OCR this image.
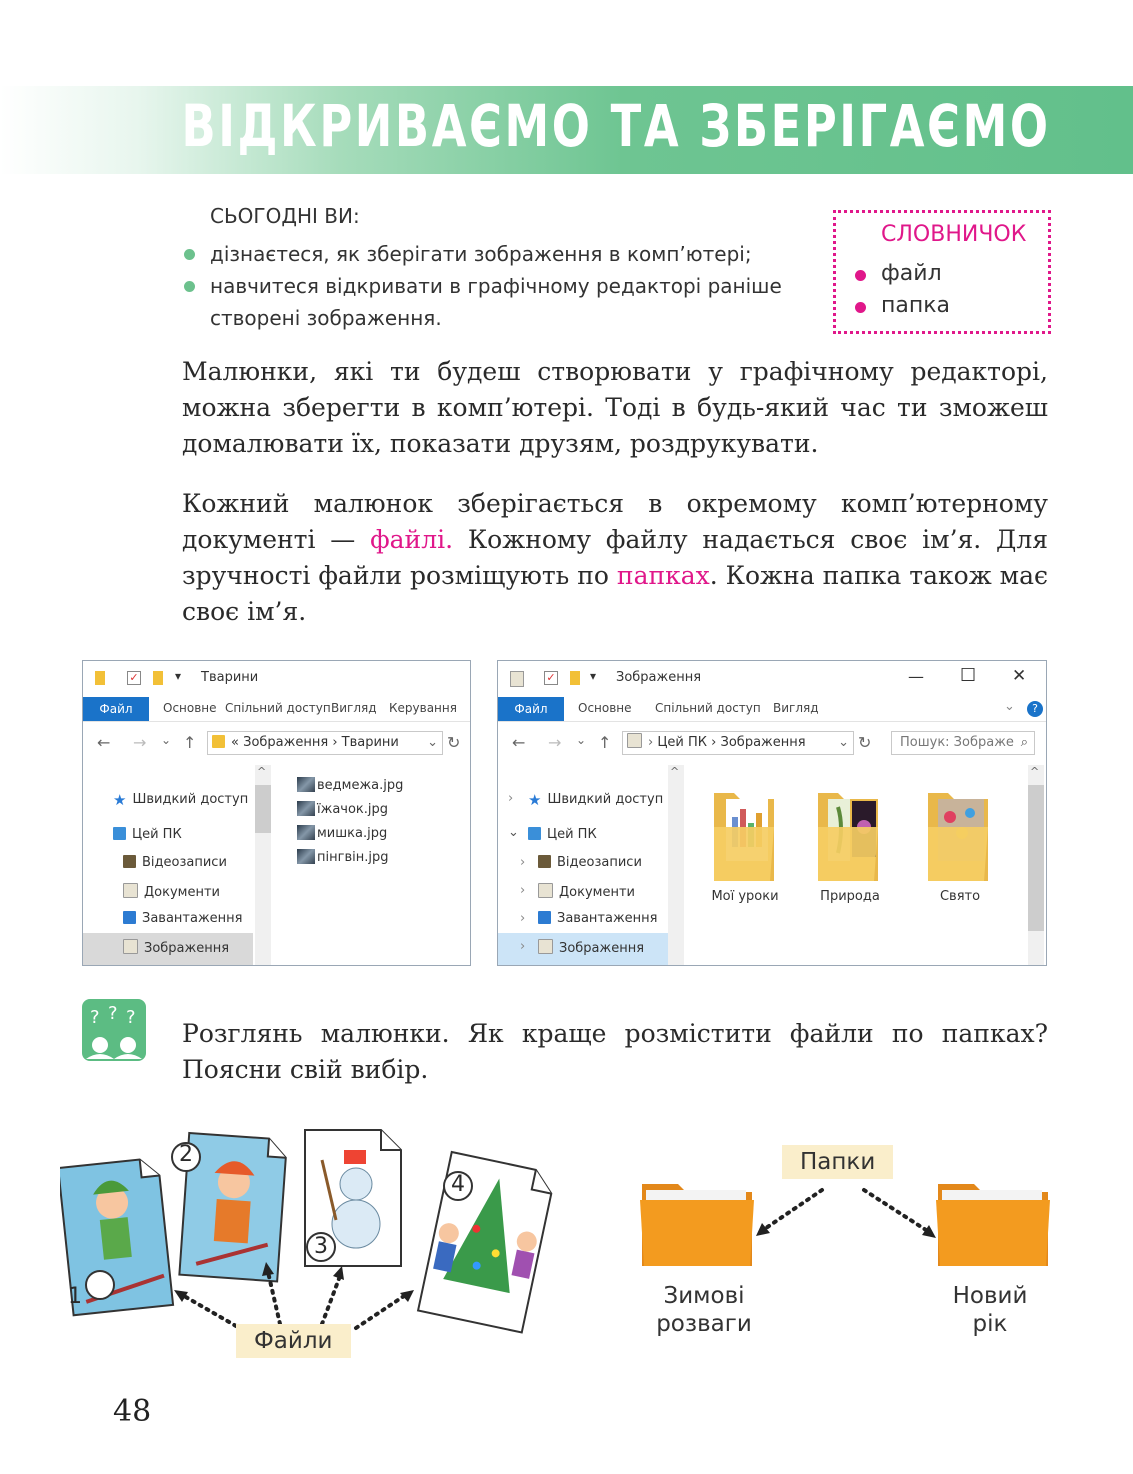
ВІДКРИВАЄМО ТА ЗБЕРІГАЄМО
СЬОГОДНІ ВИ:
дізнаєтеся, як зберігати зображення в комп’ютері;
навчитеся відкривати в графічному редакторі раніше створені зображення.
СЛОВНИЧОК
файл
папка
Малюнки, які ти будеш створювати у графічному редакторі, можна зберегти в комп’ютері. Тоді в будь-який час ти зможеш домалювати їх, показати друзям, роздрукувати.
Кожний малюнок зберігається в окремому комп’ютерному документі — файлі. Кожному файлу надається своє ім’я. Для зручності файли розміщують по папках. Кожна папка також має своє ім’я.
✓	▾ Тварини
Файл	Основне Спільний доступ Вигляд Керування
← → ⌄ ↑	« Зображення › Тварини ⌄ ↻
★ Швидкий доступ
Цей ПК
Відеозаписи
Документи
Завантаження
Зображення
^
ведмежа.jpg
їжачок.jpg
мишка.jpg
пінгвін.jpg
✓	▾ Зображення	— ☐ ✕
Файл	Основне Спільний доступ Вигляд	⌄	?
← → ⌄ ↑	› Цей ПК › Зображення	⌄ ↻	Пошук: Зображе ⌕
› ★ Швидкий доступ
⌄	Цей ПК
›	Відеозаписи
›	Документи
›	Завантаження
›	Зображення
^	^
Мої уроки	Природа	Свято
? ? ?
Розглянь малюнки. Як краще розмістити файли по папках? Поясни свій вибір.
1
2
3
4
Файли
Папки
Зимові
розваги
Новий
рік
48
